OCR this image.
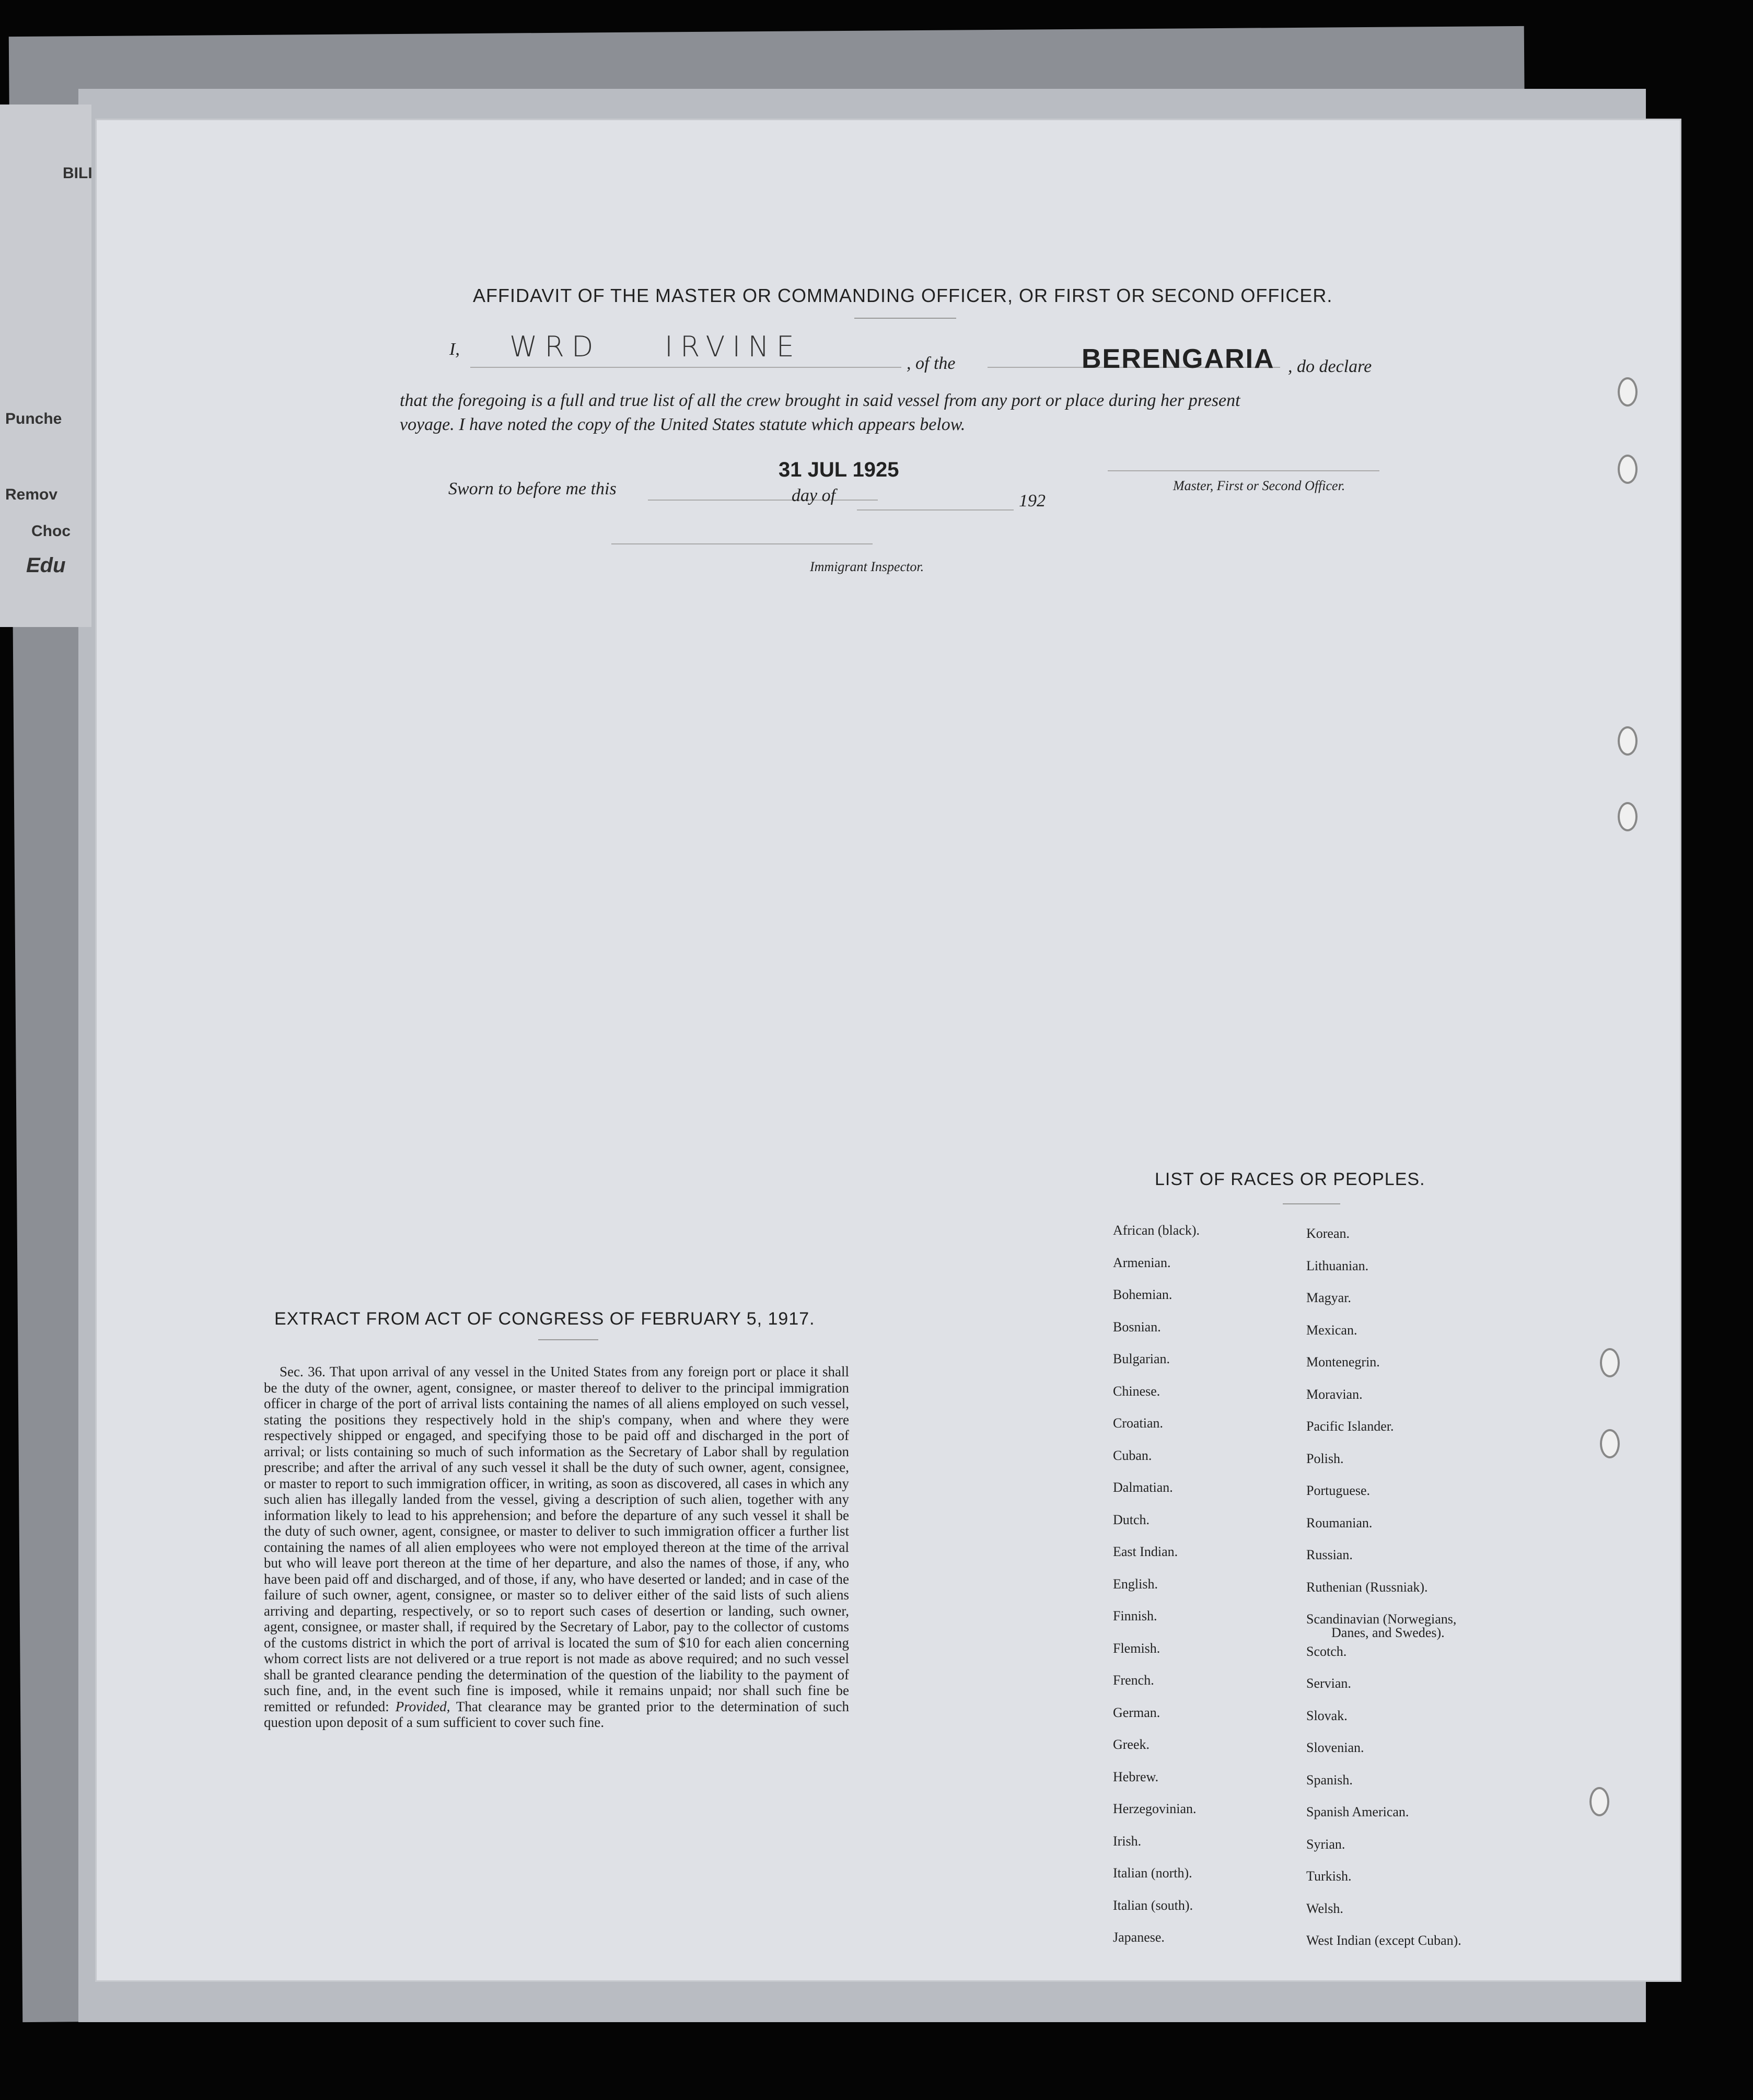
BILI
Punche
Remov
Choc
Edu
AFFIDAVIT OF THE MASTER OR COMMANDING OFFICER, OR FIRST OR SECOND OFFICER.
I, WRD IRVINE
, of the	BERENGARIA , do declare
that the foregoing is a full and true list of all the crew brought in said vessel from any port or place during her present
voyage. I have noted the copy of the United States statute which appears below.
Sworn to before me this
31 JUL 1925
day of	192
Master, First or Second Officer.
Immigrant Inspector.
EXTRACT FROM ACT OF CONGRESS OF FEBRUARY 5, 1917.

Sec. 36. That upon arrival of any vessel in the United States from any foreign port or place it shall be the duty of the owner, agent, consignee, or master thereof to deliver to the principal immigration officer in charge of the port of arrival lists containing the names of all aliens employed on such vessel, stating the positions they respectively hold in the ship's company, when and where they were respectively shipped or engaged, and specifying those to be paid off and discharged in the port of arrival; or lists containing so much of such information as the Secretary of Labor shall by regulation prescribe; and after the arrival of any such vessel it shall be the duty of such owner, agent, consignee, or master to report to such immigration officer, in writing, as soon as discovered, all cases in which any such alien has illegally landed from the vessel, giving a description of such alien, together with any information likely to lead to his apprehension; and before the departure of any such vessel it shall be the duty of such owner, agent, consignee, or master to deliver to such immigration officer a further list containing the names of all alien employees who were not employed thereon at the time of the arrival but who will leave port thereon at the time of her departure, and also the names of those, if any, who have been paid off and discharged, and of those, if any, who have deserted or landed; and in case of the failure of such owner, agent, consignee, or master so to deliver either of the said lists of such aliens arriving and departing, respectively, or so to report such cases of desertion or landing, such owner, agent, consignee, or master shall, if required by the Secretary of Labor, pay to the collector of customs of the customs district in which the port of arrival is located the sum of $10 for each alien concerning whom correct lists are not delivered or a true report is not made as above required; and no such vessel shall be granted clearance pending the determination of the question of the liability to the payment of such fine, and, in the event such fine is imposed, while it remains unpaid; nor shall such fine be remitted or refunded: Provided, That clearance may be granted prior to the determination of such question upon deposit of a sum sufficient to cover such fine.

LIST OF RACES OR PEOPLES.
African (black).
Armenian.
Bohemian.
Bosnian.
Bulgarian.
Chinese.
Croatian.
Cuban.
Dalmatian.
Dutch.
East Indian.
English.
Finnish.
Flemish.
French.
German.
Greek.
Hebrew.
Herzegovinian.
Irish.
Italian (north).
Italian (south).
Japanese.
Korean.
Lithuanian.
Magyar.
Mexican.
Montenegrin.
Moravian.
Pacific Islander.
Polish.
Portuguese.
Roumanian.
Russian.
Ruthenian (Russniak).
Scandinavian (Norwegians,
Danes, and Swedes).
Scotch.
Servian.
Slovak.
Slovenian.
Spanish.
Spanish American.
Syrian.
Turkish.
Welsh.
West Indian (except Cuban).
